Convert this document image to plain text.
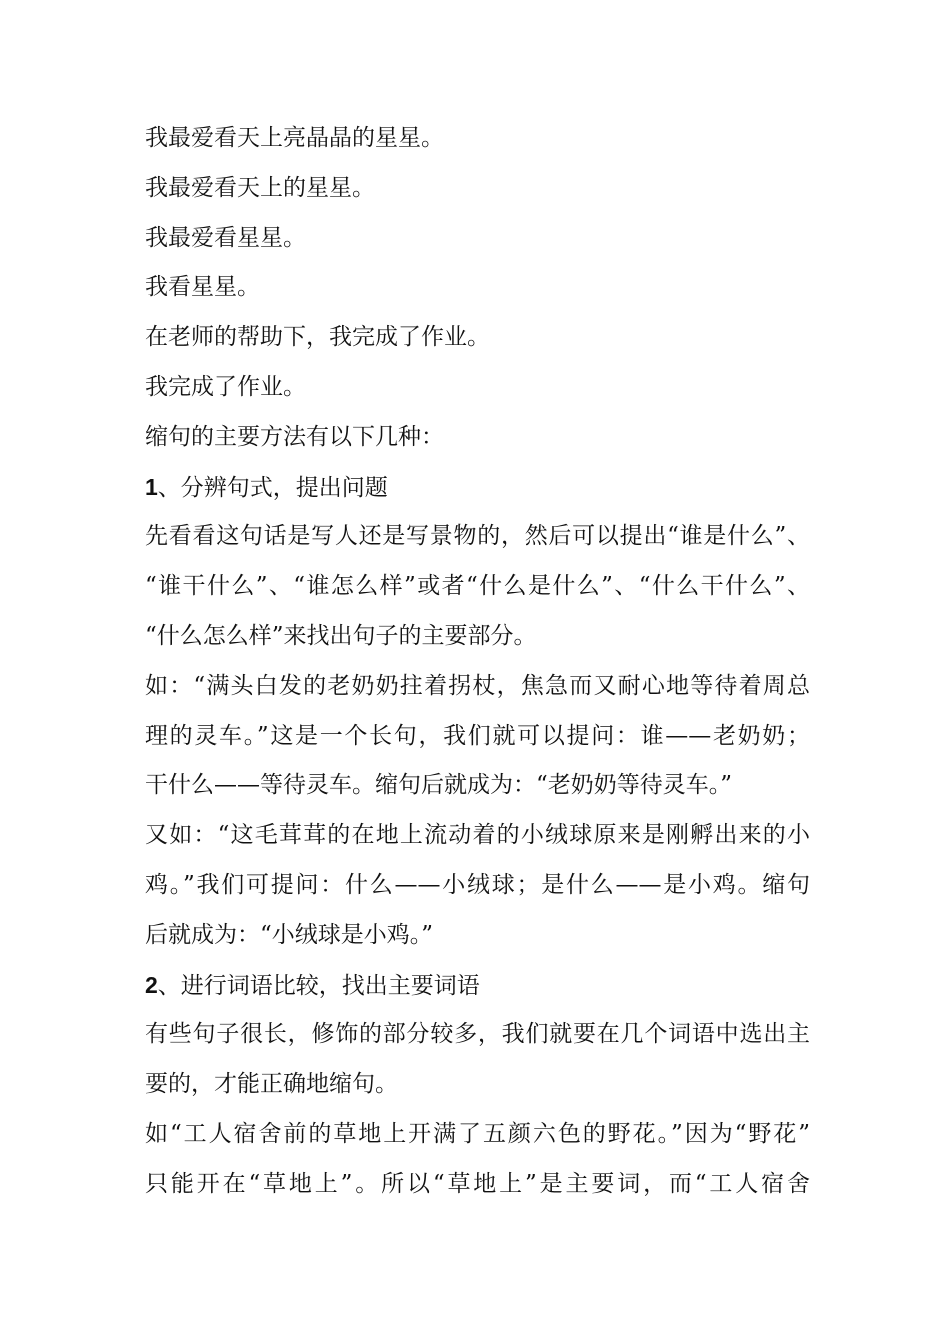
我最爱看天上亮晶晶的星星。
我最爱看天上的星星。
我最爱看星星。
我看星星。
在老师的帮助下，我完成了作业。
我完成了作业。
缩句的主要方法有以下几种：
1、分辨句式，提出问题
先看看这句话是写人还是写景物的，然后可以提出“谁是什么”、
“谁干什么”、“谁怎么样”或者“什么是什么”、“什么干什么”、
“什么怎么样”来找出句子的主要部分。
如：“满头白发的老奶奶拄着拐杖，焦急而又耐心地等待着周总
理的灵车。”这是一个长句，我们就可以提问：谁——老奶奶；
干什么——等待灵车。缩句后就成为：“老奶奶等待灵车。”
又如：“这毛茸茸的在地上流动着的小绒球原来是刚孵出来的小
鸡。”我们可提问：什么——小绒球；是什么——是小鸡。缩句
后就成为：“小绒球是小鸡。”
2、进行词语比较，找出主要词语
有些句子很长，修饰的部分较多，我们就要在几个词语中选出主
要的，才能正确地缩句。
如“工人宿舍前的草地上开满了五颜六色的野花。”因为“野花”
只能开在“草地上”。所以“草地上”是主要词，而“工人宿舍
